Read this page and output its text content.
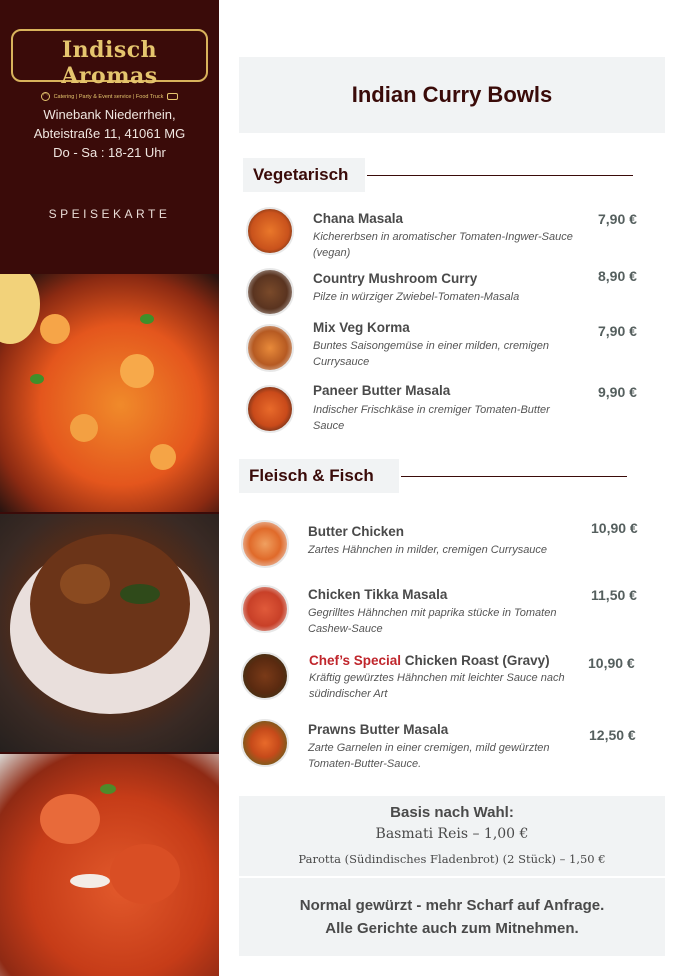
Indisch Aromas
◠	Catering | Party & Event service | Food Truck
Winebank Niederrhein,
Abteistraße 11, 41061 MG
Do - Sa : 18-21 Uhr
SPEISEKARTE
Indian Curry Bowls
Vegetarisch
Chana Masala
Kichererbsen in aromatischer Tomaten-Ingwer-Sauce (vegan)
7,90 €
Country Mushroom Curry
Pilze in würziger Zwiebel-Tomaten-Masala
8,90 €
Mix Veg Korma
Buntes Saisongemüse in einer milden, cremigen Currysauce
7,90 €
Paneer Butter Masala
Indischer Frischkäse in cremiger Tomaten-Butter Sauce
9,90 €
Fleisch & Fisch
Butter Chicken
Zartes Hähnchen in milder, cremigen Currysauce
10,90 €
Chicken Tikka Masala
Gegrilltes Hähnchen mit paprika stücke in Tomaten Cashew-Sauce
11,50 €
Chef’s Special Chicken Roast (Gravy)
Kräftig gewürztes Hähnchen mit leichter Sauce nach südindischer Art
10,90 €
Prawns Butter Masala
Zarte Garnelen in einer cremigen, mild gewürzten Tomaten-Butter-Sauce.
12,50 €
Basis nach Wahl:
Basmati Reis – 1,00 €
Parotta (Südindisches Fladenbrot) (2 Stück) – 1,50 €
Normal gewürzt - mehr Scharf auf Anfrage.
Alle Gerichte auch zum Mitnehmen.
